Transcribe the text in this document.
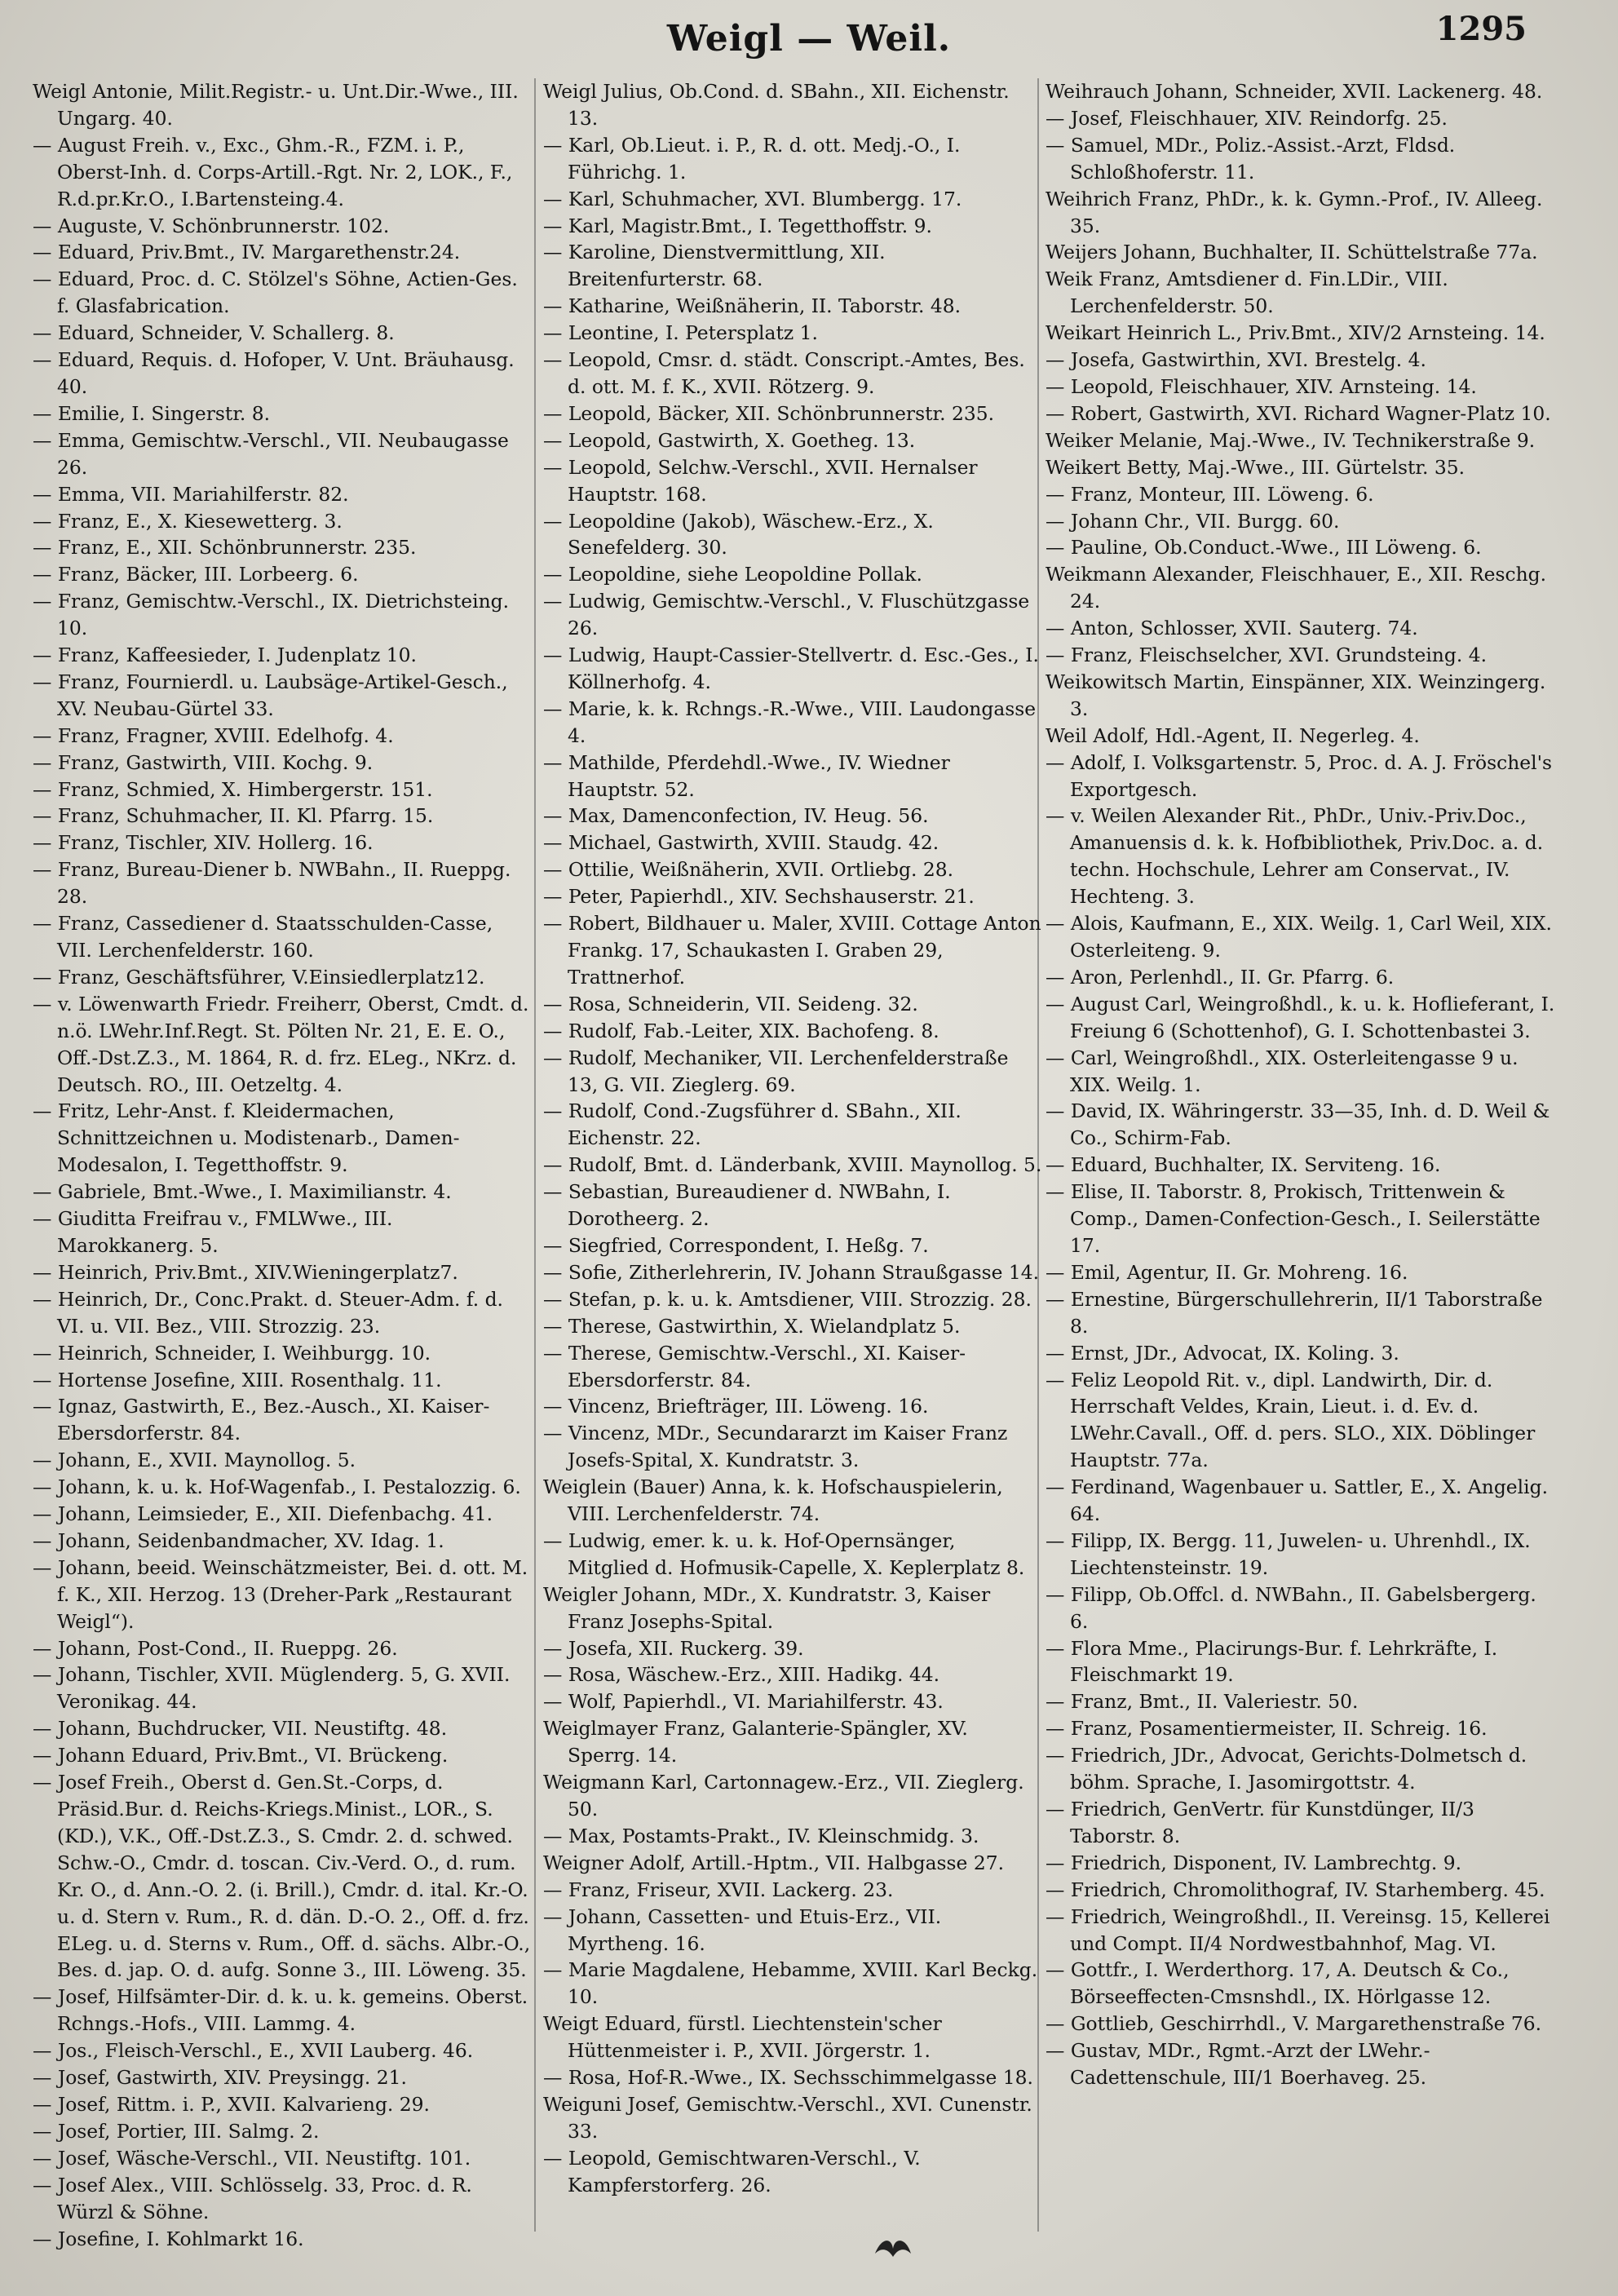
Weigl — Weil.	1295
Weigl Antonie, Milit.Registr.- u. Unt.Dir.-Wwe., III. Ungarg. 40.
— August Freih. v., Exc., Ghm.-R., FZM. i. P., Oberst-Inh. d. Corps-Artill.-Rgt. Nr. 2, LOK., F., R.d.pr.Kr.O., I.Bartensteing.4.
— Auguste, V. Schönbrunnerstr. 102.
— Eduard, Priv.Bmt., IV. Margarethenstr.24.
— Eduard, Proc. d. C. Stölzel's Söhne, Actien-Ges. f. Glasfabrication.
— Eduard, Schneider, V. Schallerg. 8.
— Eduard, Requis. d. Hofoper, V. Unt. Bräuhausg. 40.
— Emilie, I. Singerstr. 8.
— Emma, Gemischtw.-Verschl., VII. Neubaugasse 26.
— Emma, VII. Mariahilferstr. 82.
— Franz, E., X. Kiesewetterg. 3.
— Franz, E., XII. Schönbrunnerstr. 235.
— Franz, Bäcker, III. Lorbeerg. 6.
— Franz, Gemischtw.-Verschl., IX. Dietrichsteing. 10.
— Franz, Kaffeesieder, I. Judenplatz 10.
— Franz, Fournierdl. u. Laubsäge-Artikel-Gesch., XV. Neubau-Gürtel 33.
— Franz, Fragner, XVIII. Edelhofg. 4.
— Franz, Gastwirth, VIII. Kochg. 9.
— Franz, Schmied, X. Himbergerstr. 151.
— Franz, Schuhmacher, II. Kl. Pfarrg. 15.
— Franz, Tischler, XIV. Hollerg. 16.
— Franz, Bureau-Diener b. NWBahn., II. Rueppg. 28.
— Franz, Cassediener d. Staatsschulden-Casse, VII. Lerchenfelderstr. 160.
— Franz, Geschäftsführer, V.Einsiedlerplatz12.
— v. Löwenwarth Friedr. Freiherr, Oberst, Cmdt. d. n.ö. LWehr.Inf.Regt. St. Pölten Nr. 21, E. E. O., Off.-Dst.Z.3., M. 1864, R. d. frz. ELeg., NKrz. d. Deutsch. RO., III. Oetzeltg. 4.
— Fritz, Lehr-Anst. f. Kleidermachen, Schnittzeichnen u. Modistenarb., Damen-Modesalon, I. Tegetthoffstr. 9.
— Gabriele, Bmt.-Wwe., I. Maximilianstr. 4.
— Giuditta Freifrau v., FMLWwe., III. Marokkanerg. 5.
— Heinrich, Priv.Bmt., XIV.Wieningerplatz7.
— Heinrich, Dr., Conc.Prakt. d. Steuer-Adm. f. d. VI. u. VII. Bez., VIII. Strozzig. 23.
— Heinrich, Schneider, I. Weihburgg. 10.
— Hortense Josefine, XIII. Rosenthalg. 11.
— Ignaz, Gastwirth, E., Bez.-Ausch., XI. Kaiser-Ebersdorferstr. 84.
— Johann, E., XVII. Maynollog. 5.
— Johann, k. u. k. Hof-Wagenfab., I. Pestalozzig. 6.
— Johann, Leimsieder, E., XII. Diefenbachg. 41.
— Johann, Seidenbandmacher, XV. Idag. 1.
— Johann, beeid. Weinschätzmeister, Bei. d. ott. M. f. K., XII. Herzog. 13 (Dreher-Park „Restaurant Weigl“).
— Johann, Post-Cond., II. Rueppg. 26.
— Johann, Tischler, XVII. Müglenderg. 5, G. XVII. Veronikag. 44.
— Johann, Buchdrucker, VII. Neustiftg. 48.
— Johann Eduard, Priv.Bmt., VI. Brückeng.
— Josef Freih., Oberst d. Gen.St.-Corps, d. Präsid.Bur. d. Reichs-Kriegs.Minist., LOR., S.(KD.), V.K., Off.-Dst.Z.3., S. Cmdr. 2. d. schwed. Schw.-O., Cmdr. d. toscan. Civ.-Verd. O., d. rum. Kr. O., d. Ann.-O. 2. (i. Brill.), Cmdr. d. ital. Kr.-O. u. d. Stern v. Rum., R. d. dän. D.-O. 2., Off. d. frz. ELeg. u. d. Sterns v. Rum., Off. d. sächs. Albr.-O., Bes. d. jap. O. d. aufg. Sonne 3., III. Löweng. 35.
— Josef, Hilfsämter-Dir. d. k. u. k. gemeins. Oberst. Rchngs.-Hofs., VIII. Lammg. 4.
— Jos., Fleisch-Verschl., E., XVII Lauberg. 46.
— Josef, Gastwirth, XIV. Preysingg. 21.
— Josef, Rittm. i. P., XVII. Kalvarieng. 29.
— Josef, Portier, III. Salmg. 2.
— Josef, Wäsche-Verschl., VII. Neustiftg. 101.
— Josef Alex., VIII. Schlösselg. 33, Proc. d. R. Würzl & Söhne.
— Josefine, I. Kohlmarkt 16.
Weigl Julius, Ob.Cond. d. SBahn., XII. Eichenstr. 13.
— Karl, Ob.Lieut. i. P., R. d. ott. Medj.-O., I. Führichg. 1.
— Karl, Schuhmacher, XVI. Blumbergg. 17.
— Karl, Magistr.Bmt., I. Tegetthoffstr. 9.
— Karoline, Dienstvermittlung, XII. Breitenfurterstr. 68.
— Katharine, Weißnäherin, II. Taborstr. 48.
— Leontine, I. Petersplatz 1.
— Leopold, Cmsr. d. städt. Conscript.-Amtes, Bes. d. ott. M. f. K., XVII. Rötzerg. 9.
— Leopold, Bäcker, XII. Schönbrunnerstr. 235.
— Leopold, Gastwirth, X. Goetheg. 13.
— Leopold, Selchw.-Verschl., XVII. Hernalser Hauptstr. 168.
— Leopoldine (Jakob), Wäschew.-Erz., X. Senefelderg. 30.
— Leopoldine, siehe Leopoldine Pollak.
— Ludwig, Gemischtw.-Verschl., V. Fluschützgasse 26.
— Ludwig, Haupt-Cassier-Stellvertr. d. Esc.-Ges., I. Köllnerhofg. 4.
— Marie, k. k. Rchngs.-R.-Wwe., VIII. Laudongasse 4.
— Mathilde, Pferdehdl.-Wwe., IV. Wiedner Hauptstr. 52.
— Max, Damenconfection, IV. Heug. 56.
— Michael, Gastwirth, XVIII. Staudg. 42.
— Ottilie, Weißnäherin, XVII. Ortliebg. 28.
— Peter, Papierhdl., XIV. Sechshauserstr. 21.
— Robert, Bildhauer u. Maler, XVIII. Cottage Anton Frankg. 17, Schaukasten I. Graben 29, Trattnerhof.
— Rosa, Schneiderin, VII. Seideng. 32.
— Rudolf, Fab.-Leiter, XIX. Bachofeng. 8.
— Rudolf, Mechaniker, VII. Lerchenfelderstraße 13, G. VII. Zieglerg. 69.
— Rudolf, Cond.-Zugsführer d. SBahn., XII. Eichenstr. 22.
— Rudolf, Bmt. d. Länderbank, XVIII. Maynollog. 5.
— Sebastian, Bureaudiener d. NWBahn, I. Dorotheerg. 2.
— Siegfried, Correspondent, I. Heßg. 7.
— Sofie, Zitherlehrerin, IV. Johann Straußgasse 14.
— Stefan, p. k. u. k. Amtsdiener, VIII. Strozzig. 28.
— Therese, Gastwirthin, X. Wielandplatz 5.
— Therese, Gemischtw.-Verschl., XI. Kaiser-Ebersdorferstr. 84.
— Vincenz, Briefträger, III. Löweng. 16.
— Vincenz, MDr., Secundararzt im Kaiser Franz Josefs-Spital, X. Kundratstr. 3.
Weiglein (Bauer) Anna, k. k. Hofschauspielerin, VIII. Lerchenfelderstr. 74.
— Ludwig, emer. k. u. k. Hof-Opernsänger, Mitglied d. Hofmusik-Capelle, X. Keplerplatz 8.
Weigler Johann, MDr., X. Kundratstr. 3, Kaiser Franz Josephs-Spital.
— Josefa, XII. Ruckerg. 39.
— Rosa, Wäschew.-Erz., XIII. Hadikg. 44.
— Wolf, Papierhdl., VI. Mariahilferstr. 43.
Weiglmayer Franz, Galanterie-Spängler, XV. Sperrg. 14.
Weigmann Karl, Cartonnagew.-Erz., VII. Zieglerg. 50.
— Max, Postamts-Prakt., IV. Kleinschmidg. 3.
Weigner Adolf, Artill.-Hptm., VII. Halbgasse 27.
— Franz, Friseur, XVII. Lackerg. 23.
— Johann, Cassetten- und Etuis-Erz., VII. Myrtheng. 16.
— Marie Magdalene, Hebamme, XVIII. Karl Beckg. 10.
Weigt Eduard, fürstl. Liechtenstein'scher Hüttenmeister i. P., XVII. Jörgerstr. 1.
— Rosa, Hof-R.-Wwe., IX. Sechsschimmelgasse 18.
Weiguni Josef, Gemischtw.-Verschl., XVI. Cunenstr. 33.
— Leopold, Gemischtwaren-Verschl., V. Kampferstorferg. 26.
Weihrauch Johann, Schneider, XVII. Lackenerg. 48.
— Josef, Fleischhauer, XIV. Reindorfg. 25.
— Samuel, MDr., Poliz.-Assist.-Arzt, Fldsd. Schloßhoferstr. 11.
Weihrich Franz, PhDr., k. k. Gymn.-Prof., IV. Alleeg. 35.
Weijers Johann, Buchhalter, II. Schüttelstraße 77a.
Weik Franz, Amtsdiener d. Fin.LDir., VIII. Lerchenfelderstr. 50.
Weikart Heinrich L., Priv.Bmt., XIV/2 Arnsteing. 14.
— Josefa, Gastwirthin, XVI. Brestelg. 4.
— Leopold, Fleischhauer, XIV. Arnsteing. 14.
— Robert, Gastwirth, XVI. Richard Wagner-Platz 10.
Weiker Melanie, Maj.-Wwe., IV. Technikerstraße 9.
Weikert Betty, Maj.-Wwe., III. Gürtelstr. 35.
— Franz, Monteur, III. Löweng. 6.
— Johann Chr., VII. Burgg. 60.
— Pauline, Ob.Conduct.-Wwe., III Löweng. 6.
Weikmann Alexander, Fleischhauer, E., XII. Reschg. 24.
— Anton, Schlosser, XVII. Sauterg. 74.
— Franz, Fleischselcher, XVI. Grundsteing. 4.
Weikowitsch Martin, Einspänner, XIX. Weinzingerg. 3.
Weil Adolf, Hdl.-Agent, II. Negerleg. 4.
— Adolf, I. Volksgartenstr. 5, Proc. d. A. J. Fröschel's Exportgesch.
— v. Weilen Alexander Rit., PhDr., Univ.-Priv.Doc., Amanuensis d. k. k. Hofbibliothek, Priv.Doc. a. d. techn. Hochschule, Lehrer am Conservat., IV. Hechteng. 3.
— Alois, Kaufmann, E., XIX. Weilg. 1, Carl Weil, XIX. Osterleiteng. 9.
— Aron, Perlenhdl., II. Gr. Pfarrg. 6.
— August Carl, Weingroßhdl., k. u. k. Hoflieferant, I. Freiung 6 (Schottenhof), G. I. Schottenbastei 3.
— Carl, Weingroßhdl., XIX. Osterleitengasse 9 u. XIX. Weilg. 1.
— David, IX. Währingerstr. 33—35, Inh. d. D. Weil & Co., Schirm-Fab.
— Eduard, Buchhalter, IX. Serviteng. 16.
— Elise, II. Taborstr. 8, Prokisch, Trittenwein & Comp., Damen-Confection-Gesch., I. Seilerstätte 17.
— Emil, Agentur, II. Gr. Mohreng. 16.
— Ernestine, Bürgerschullehrerin, II/1 Taborstraße 8.
— Ernst, JDr., Advocat, IX. Koling. 3.
— Feliz Leopold Rit. v., dipl. Landwirth, Dir. d. Herrschaft Veldes, Krain, Lieut. i. d. Ev. d. LWehr.Cavall., Off. d. pers. SLO., XIX. Döblinger Hauptstr. 77a.
— Ferdinand, Wagenbauer u. Sattler, E., X. Angelig. 64.
— Filipp, IX. Bergg. 11, Juwelen- u. Uhrenhdl., IX. Liechtensteinstr. 19.
— Filipp, Ob.Offcl. d. NWBahn., II. Gabelsbergerg. 6.
— Flora Mme., Placirungs-Bur. f. Lehrkräfte, I. Fleischmarkt 19.
— Franz, Bmt., II. Valeriestr. 50.
— Franz, Posamentiermeister, II. Schreig. 16.
— Friedrich, JDr., Advocat, Gerichts-Dolmetsch d. böhm. Sprache, I. Jasomirgottstr. 4.
— Friedrich, GenVertr. für Kunstdünger, II/3 Taborstr. 8.
— Friedrich, Disponent, IV. Lambrechtg. 9.
— Friedrich, Chromolithograf, IV. Starhemberg. 45.
— Friedrich, Weingroßhdl., II. Vereinsg. 15, Kellerei und Compt. II/4 Nordwestbahnhof, Mag. VI.
— Gottfr., I. Werderthorg. 17, A. Deutsch & Co., Börseeffecten-Cmsnshdl., IX. Hörlgasse 12.
— Gottlieb, Geschirrhdl., V. Margarethenstraße 76.
— Gustav, MDr., Rgmt.-Arzt der LWehr.-Cadettenschule, III/1 Boerhaveg. 25.
